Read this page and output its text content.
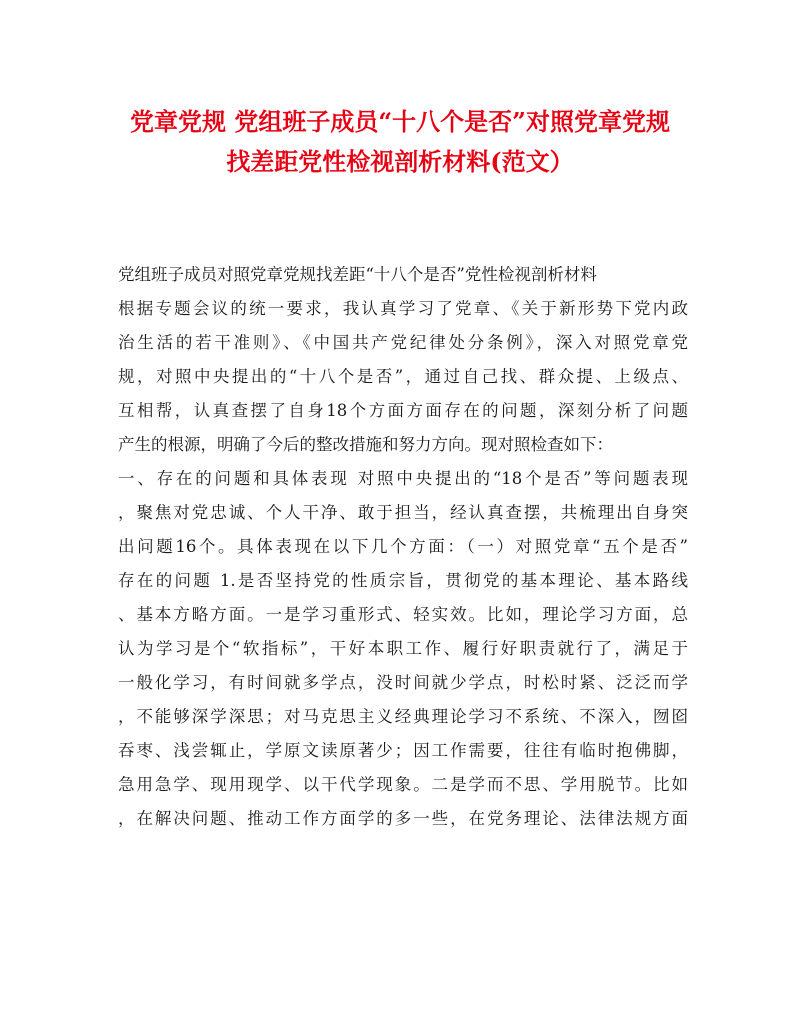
党章党规 党组班子成员“十八个是否”对照党章党规
找差距党性检视剖析材料(范文）
党组班子成员对照党章党规找差距“十八个是否”党性检视剖析材料
根据专题会议的统一要求，我认真学习了党章、《关于新形势下党内政
治生活的若干准则》、《中国共产党纪律处分条例》，深入对照党章党
规，对照中央提出的“十八个是否”，通过自己找、群众提、上级点、
互相帮，认真查摆了自身18个方面方面存在的问题，深刻分析了问题
产生的根源，明确了今后的整改措施和努力方向。现对照检查如下：
一、存在的问题和具体表现 对照中央提出的“18个是否”等问题表现
，聚焦对党忠诚、个人干净、敢于担当，经认真查摆，共梳理出自身突
出问题16个。具体表现在以下几个方面：（一）对照党章“五个是否”
存在的问题 1.是否坚持党的性质宗旨，贯彻党的基本理论、基本路线
、基本方略方面。一是学习重形式、轻实效。比如，理论学习方面，总
认为学习是个“软指标”，干好本职工作、履行好职责就行了，满足于
一般化学习，有时间就多学点，没时间就少学点，时松时紧、泛泛而学
，不能够深学深思；对马克思主义经典理论学习不系统、不深入，囫囵
吞枣、浅尝辄止，学原文读原著少；因工作需要，往往有临时抱佛脚，
急用急学、现用现学、以干代学现象。二是学而不思、学用脱节。比如
，在解决问题、推动工作方面学的多一些，在党务理论、法律法规方面
